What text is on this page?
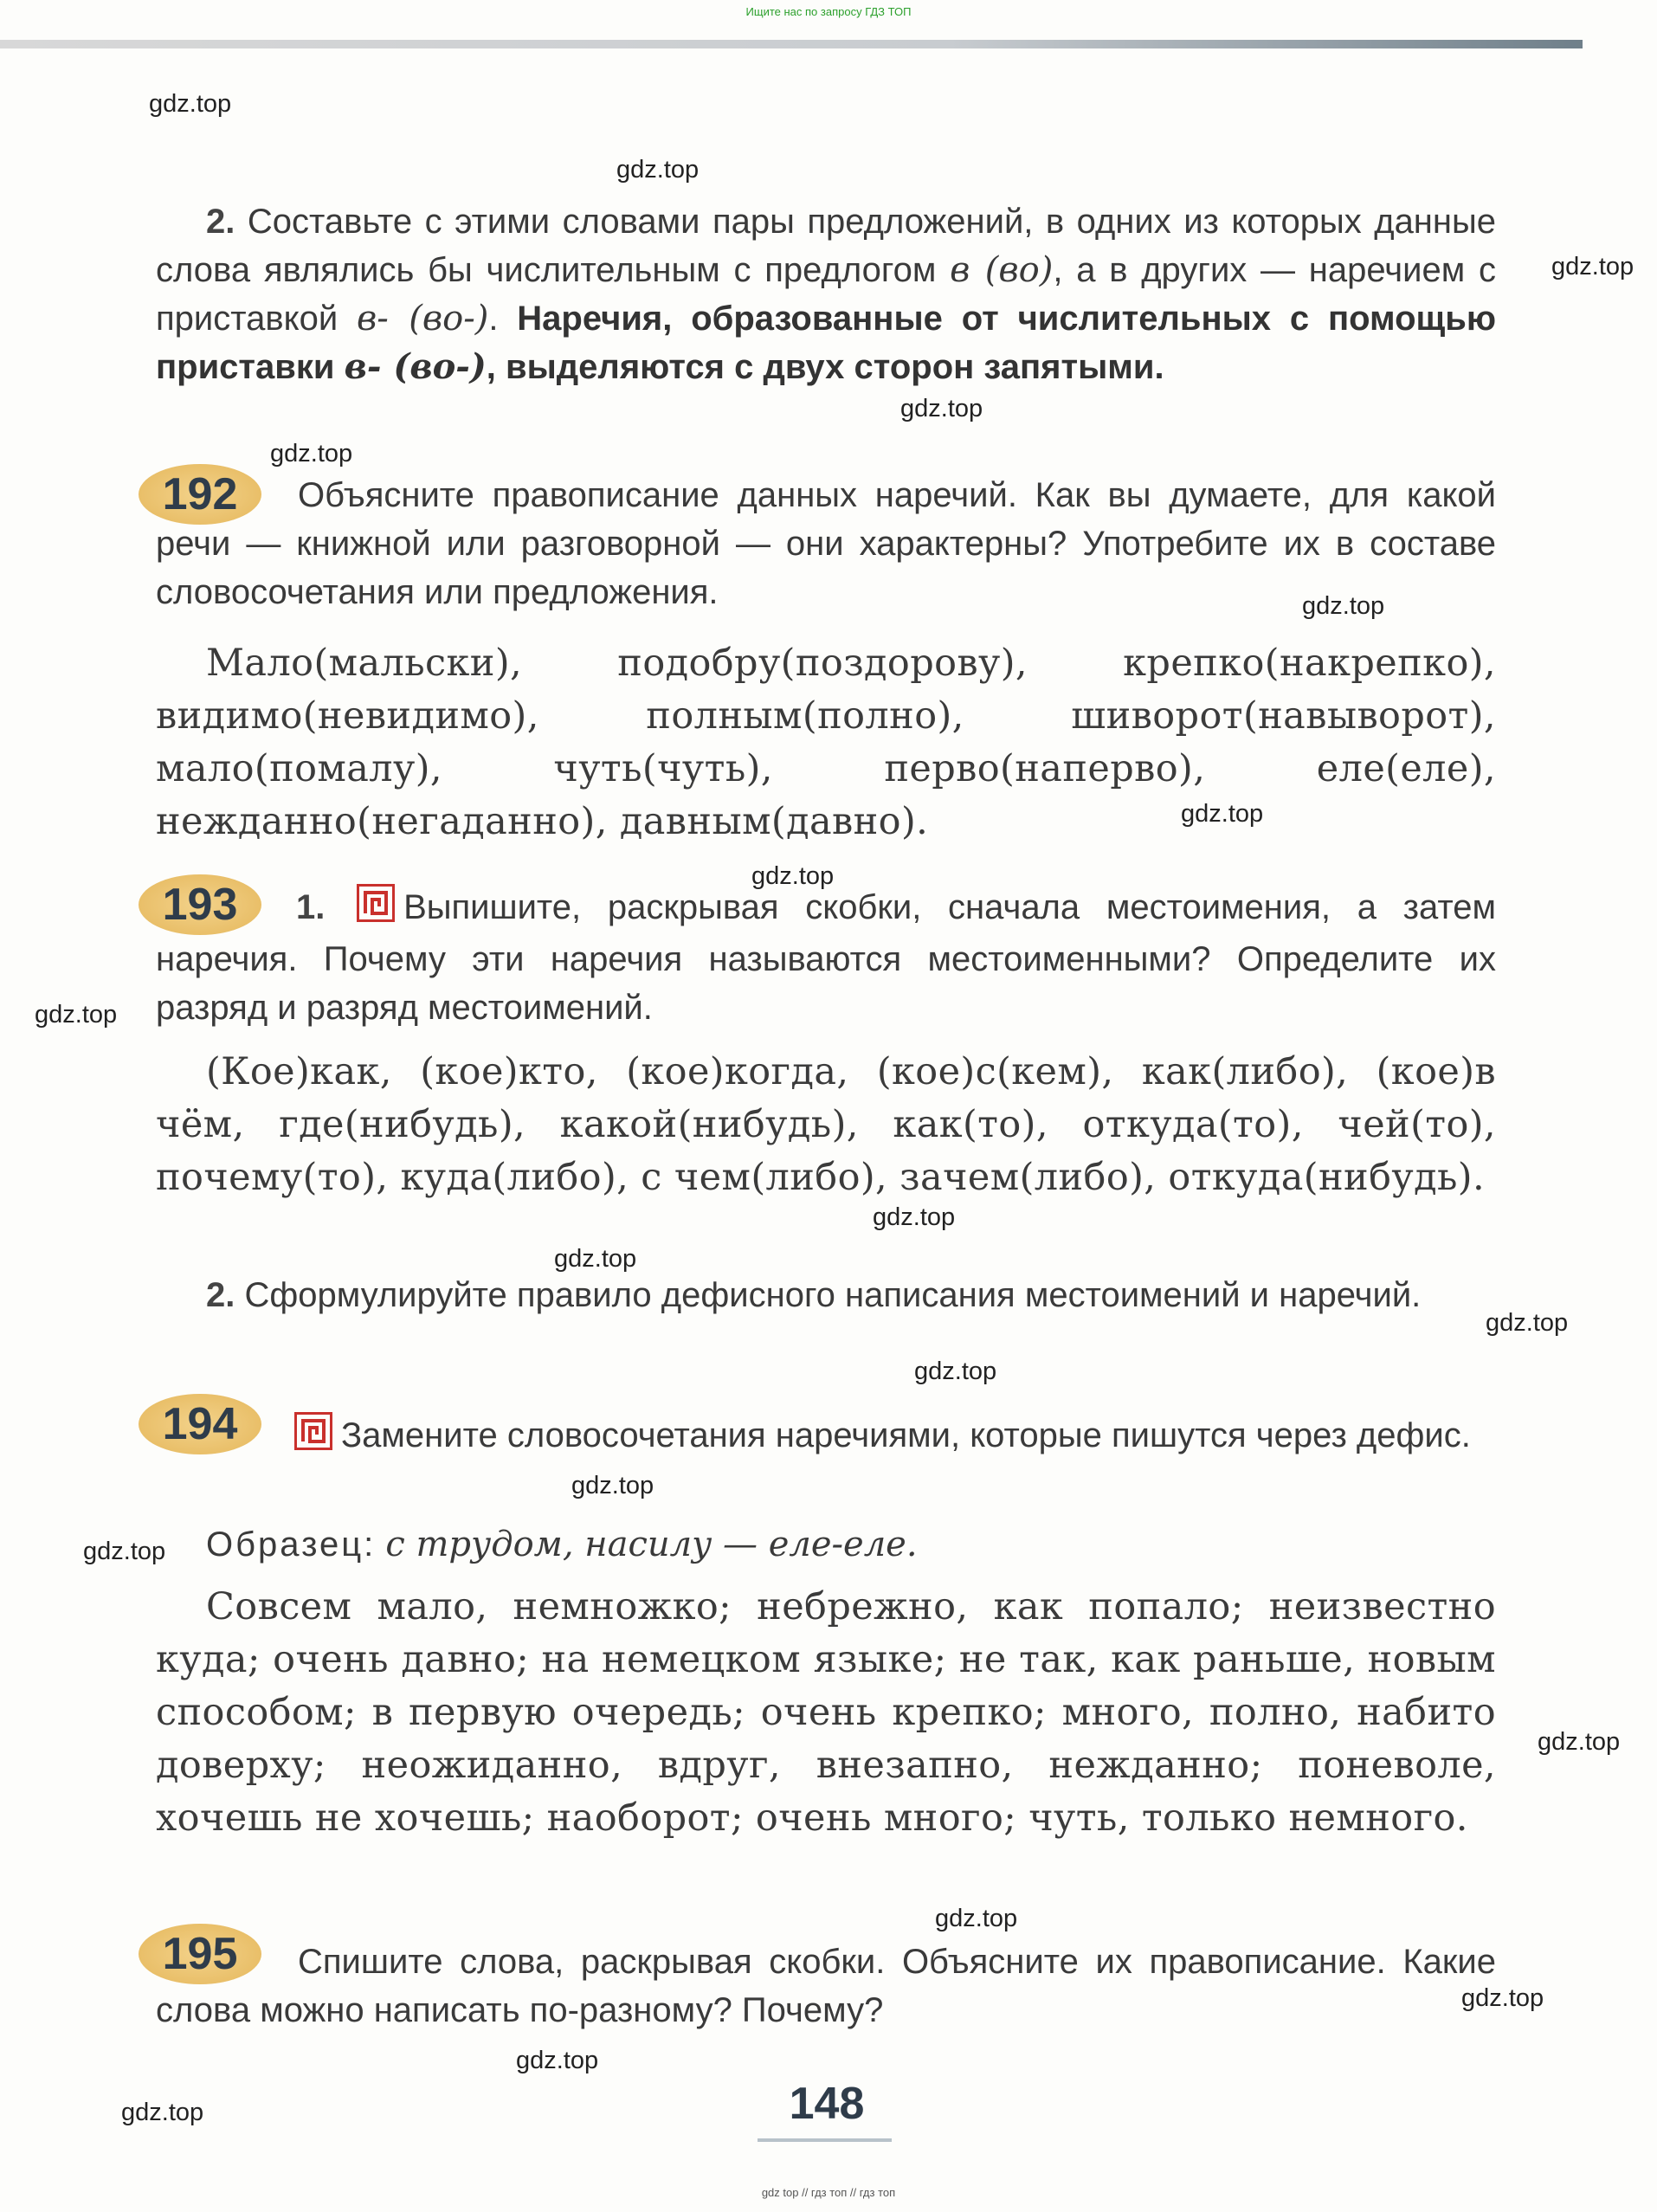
Ищите нас по запросу ГДЗ ТОП
gdz.top
gdz.top
gdz.top
gdz.top
gdz.top
gdz.top
gdz.top
gdz.top
gdz.top
gdz.top
gdz.top
gdz.top
gdz.top
gdz.top
gdz.top
gdz.top
gdz.top
gdz.top
gdz.top
gdz.top
2. Составьте с этими словами пары предложений, в одних из которых данные слова являлись бы числительным с предлогом в (во), а в других — наречием с приставкой в- (во-). Наречия, образованные от числительных с помощью приставки в- (во-), выделяются с двух сторон запятыми.
192	Объясните правописание данных наречий. Как вы думаете, для какой речи — книжной или разговорной — они характерны? Употребите их в составе словосочетания или предложения.
Мало(мальски), подобру(поздорову), крепко(накрепко), видимо(невидимо), полным(полно), шиворот(навыворот), мало(помалу), чуть(чуть), перво(наперво), еле(еле), нежданно(негаданно), давным(давно).
193	1. Выпишите, раскрывая скобки, сначала местоимения, а затем наречия. Почему эти наречия называются местоименными? Определите их разряд и разряд местоимений.
(Кое)как, (кое)кто, (кое)когда, (кое)с(кем), как(либо), (кое)в чём, где(нибудь), какой(нибудь), как(то), откуда(то), чей(то), почему(то), куда(либо), с чем(либо), зачем(либо), откуда(нибудь).
2. Сформулируйте правило дефисного написания местоимений и наречий.
194	Замените словосочетания наречиями, которые пишутся через дефис.
Образец: с трудом, насилу — еле-еле.
Совсем мало, немножко; небрежно, как попало; неизвестно куда; очень давно; на немецком языке; не так, как раньше, новым способом; в первую очередь; очень крепко; много, полно, набито доверху; неожиданно, вдруг, внезапно, нежданно; поневоле, хочешь не хочешь; наоборот; очень много; чуть, только немного.
195	Спишите слова, раскрывая скобки. Объясните их правописание. Какие слова можно написать по-разному? Почему?
148
gdz top // гдз топ // гдз топ
